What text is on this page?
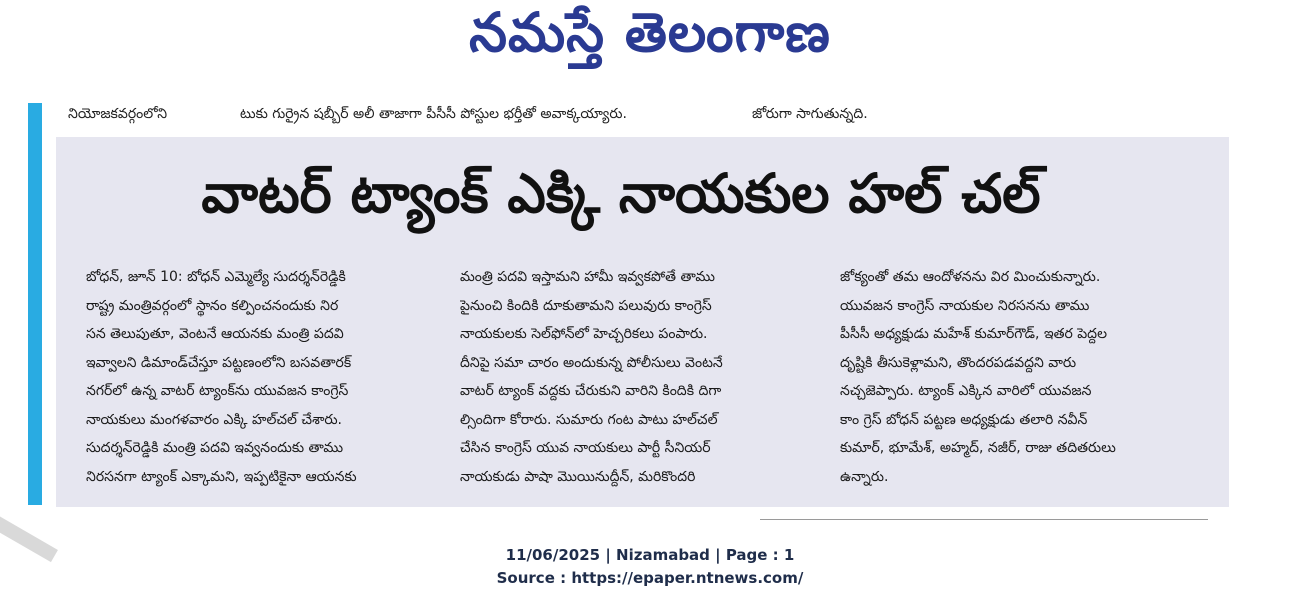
నమస్తే తెలంగాణ
నియోజకవర్గంలోని	టుకు గుర్రైన షబ్బీర్ అలీ తాజాగా పీసీసీ పోస్టుల భర్తీతో అవాక్కయ్యారు.	జోరుగా సాగుతున్నది.
వాటర్ ట్యాంక్ ఎక్కి నాయకుల హల్ చల్
బోధన్, జూన్ 10: బోధన్ ఎమ్మెల్యే సుదర్శన్‌రెడ్డికి
రాష్ట్ర మంత్రివర్గంలో స్థానం కల్పించనందుకు నిర
సన తెలుపుతూ, వెంటనే ఆయనకు మంత్రి పదవి
ఇవ్వాలని డిమాండ్‌చేస్తూ పట్టణంలోని బసవతారక్
నగర్‌లో ఉన్న వాటర్ ట్యాంక్‌ను యువజన కాంగ్రెస్
నాయకులు మంగళవారం ఎక్కి హల్‌చల్ చేశారు.
సుదర్శన్‌రెడ్డికి మంత్రి పదవి ఇవ్వనందుకు తాము
నిరసనగా ట్యాంక్ ఎక్కామని, ఇప్పటికైనా ఆయనకు
మంత్రి పదవి ఇస్తామని హామీ ఇవ్వకపోతే తాము
పైనుంచి కిందికి దూకుతామని పలువురు కాంగ్రెస్
నాయకులకు సెల్‌ఫోన్‌లో హెచ్చరికలు పంపారు.
దీనిపై సమా చారం అందుకున్న పోలీసులు వెంటనే
వాటర్ ట్యాంక్ వద్దకు చేరుకుని వారిని కిందికి దిగా
ల్సిందిగా కోరారు. సుమారు గంట పాటు హల్‌చల్
చేసిన కాంగ్రెస్ యువ నాయకులు పార్టీ సీనియర్
నాయకుడు పాషా మొయినుద్దీన్, మరికొందరి
జోక్యంతో తమ ఆందోళనను విర మించుకున్నారు.
యువజన కాంగ్రెస్ నాయకుల నిరసనను తాము
పీసీసీ అధ్యక్షుడు మహేశ్ కుమార్‌గౌడ్, ఇతర పెద్దల
దృష్టికి తీసుకెళ్లామని, తొందరపడవద్దని వారు
నచ్చజెప్పారు. ట్యాంక్ ఎక్కిన వారిలో యువజన
కాం గ్రెస్ బోధన్ పట్టణ అధ్యక్షుడు తలారి నవీన్
కుమార్, భూమేశ్, అహ్మద్, నజీర్, రాజు తదితరులు
ఉన్నారు.
11/06/2025 | Nizamabad | Page : 1
Source : https://epaper.ntnews.com/
